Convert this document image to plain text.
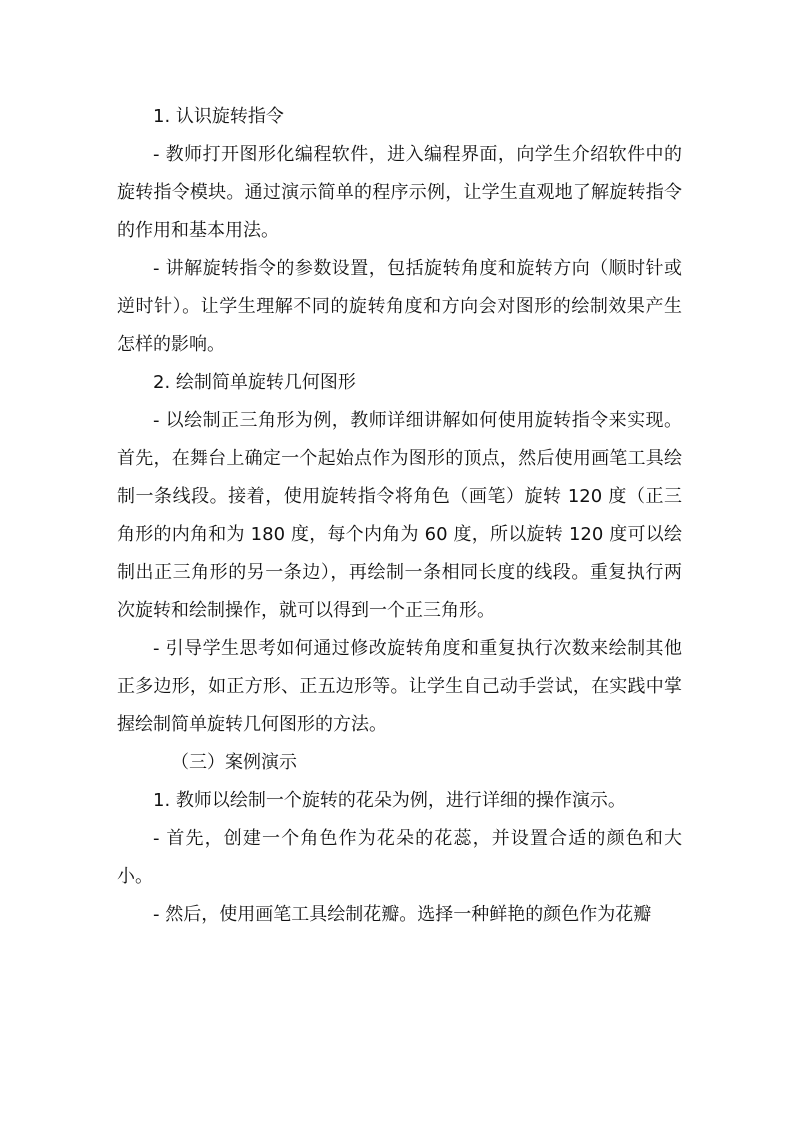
1. 认识旋转指令

- 教师打开图形化编程软件，进入编程界面，向学生介绍软件中的旋转指令模块。通过演示简单的程序示例，让学生直观地了解旋转指令的作用和基本用法。

- 讲解旋转指令的参数设置，包括旋转角度和旋转方向（顺时针或逆时针）。让学生理解不同的旋转角度和方向会对图形的绘制效果产生怎样的影响。

2. 绘制简单旋转几何图形

- 以绘制正三角形为例，教师详细讲解如何使用旋转指令来实现。首先，在舞台上确定一个起始点作为图形的顶点，然后使用画笔工具绘制一条线段。接着，使用旋转指令将角色（画笔）旋转 120 度（正三角形的内角和为 180 度，每个内角为 60 度，所以旋转 120 度可以绘制出正三角形的另一条边），再绘制一条相同长度的线段。重复执行两次旋转和绘制操作，就可以得到一个正三角形。

- 引导学生思考如何通过修改旋转角度和重复执行次数来绘制其他正多边形，如正方形、正五边形等。让学生自己动手尝试，在实践中掌握绘制简单旋转几何图形的方法。

（三）案例演示

1. 教师以绘制一个旋转的花朵为例，进行详细的操作演示。

- 首先，创建一个角色作为花朵的花蕊，并设置合适的颜色和大小。

- 然后，使用画笔工具绘制花瓣。选择一种鲜艳的颜色作为花瓣
